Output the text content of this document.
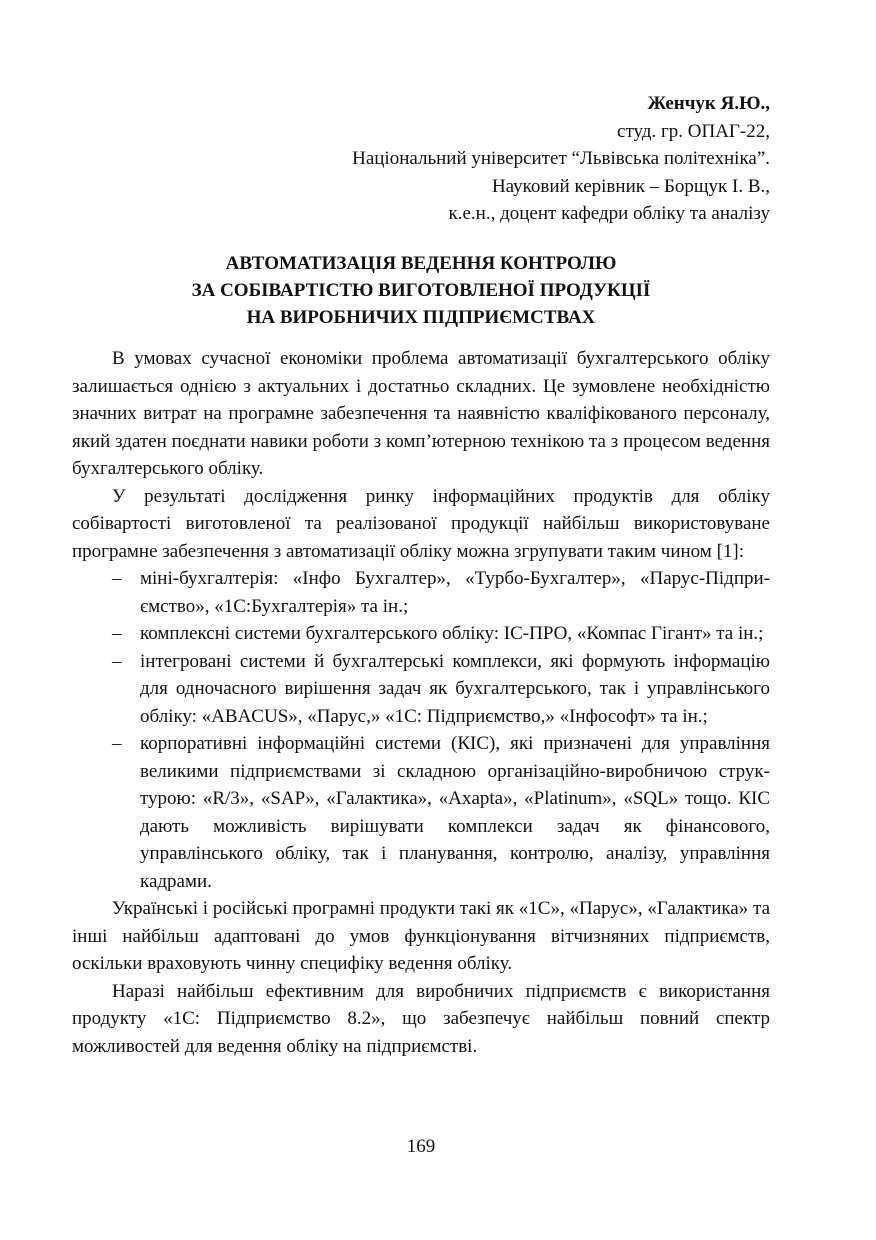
Женчук Я.Ю.,
студ. гр. ОПАГ-22,
Національний університет “Львівська політехніка”.
Науковий керівник – Борщук І. В.,
к.е.н., доцент кафедри обліку та аналізу
АВТОМАТИЗАЦІЯ ВЕДЕННЯ КОНТРОЛЮ
ЗА СОБІВАРТІСТЮ ВИГОТОВЛЕНОЇ ПРОДУКЦІЇ
НА ВИРОБНИЧИХ ПІДПРИЄМСТВАХ

В умовах сучасної економіки проблема автоматизації бухгалтерського обліку залишається однією з актуальних і достатньо складних. Це зумовлене необхідністю значних витрат на програмне забезпечення та наявністю кваліфікованого персоналу, який здатен поєднати навики роботи з комп’ютерною технікою та з процесом ведення бухгалтерського обліку.

У результаті дослідження ринку інформаційних продуктів для обліку собівартості виготовленої та реалізованої продукції найбільш використовуване програмне забезпечення з автоматизації обліку можна згрупувати таким чином [1]:

– міні-бухгалтерія: «Інфо Бухгалтер», «Турбо-Бухгалтер», «Парус-Підприємство», «1С:Бухгалтерія» та ін.;
– комплексні системи бухгалтерського обліку: ІС-ПРО, «Компас Гігант» та ін.;
– інтегровані системи й бухгалтерські комплекси, які формують інформацію для одночасного вирішення задач як бухгалтерського, так і управлінського обліку: «ABACUS», «Парус,» «1С: Підприємство,» «Інфософт» та ін.;
– корпоративні інформаційні системи (КІС), які призначені для управління великими підприємствами зі складною організаційно-виробничою структурою: «R/3», «SAP», «Галактика», «Axapta», «Platinum», «SQL» тощо. КІС дають можливість вирішувати комплекси задач як фінансового, управлінського обліку, так і планування, контролю, аналізу, управління кадрами.

Українські і російські програмні продукти такі як «1С», «Парус», «Галактика» та інші найбільш адаптовані до умов функціонування вітчизняних підприємств, оскільки враховують чинну специфіку ведення обліку.

Наразі найбільш ефективним для виробничих підприємств є використання продукту «1С: Підприємство 8.2», що забезпечує найбільш повний спектр можливостей для ведення обліку на підприємстві.

169
